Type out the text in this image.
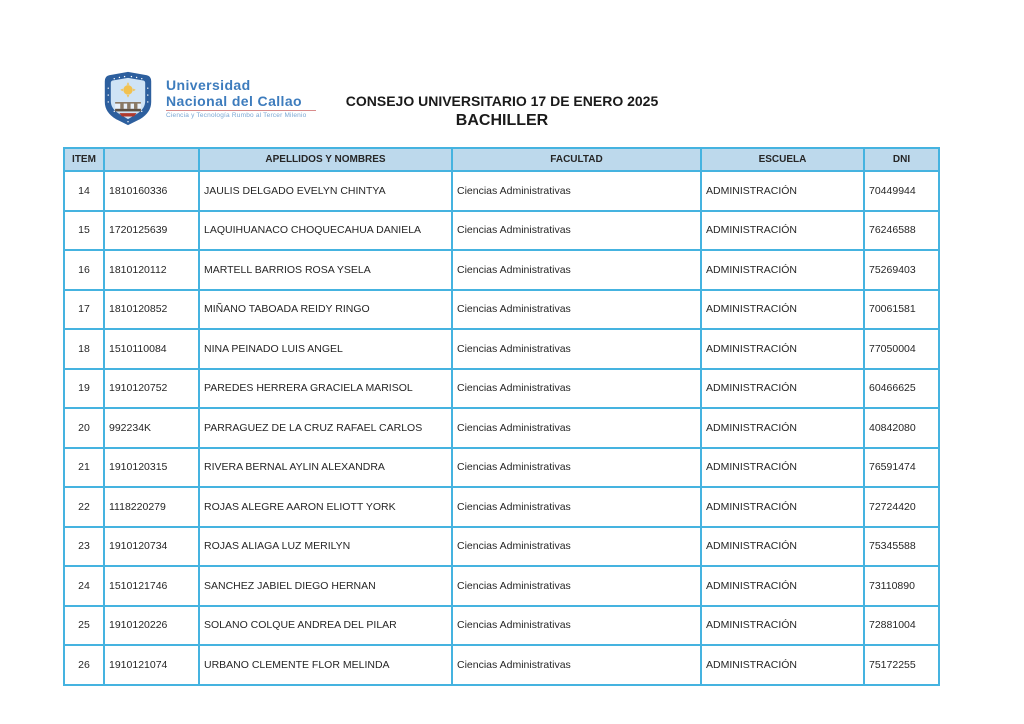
Universidad
Nacional del Callao
Ciencia y Tecnología Rumbo al Tercer Milenio
CONSEJO UNIVERSITARIO 17 DE ENERO 2025
BACHILLER
ITEM		APELLIDOS Y NOMBRES	FACULTAD	ESCUELA	DNI
14	1810160336	JAULIS DELGADO EVELYN CHINTYA	Ciencias Administrativas	ADMINISTRACIÓN	70449944
15	1720125639	LAQUIHUANACO CHOQUECAHUA DANIELA	Ciencias Administrativas	ADMINISTRACIÓN	76246588
16	1810120112	MARTELL BARRIOS ROSA YSELA	Ciencias Administrativas	ADMINISTRACIÓN	75269403
17	1810120852	MIÑANO TABOADA REIDY RINGO	Ciencias Administrativas	ADMINISTRACIÓN	70061581
18	1510110084	NINA PEINADO LUIS ANGEL	Ciencias Administrativas	ADMINISTRACIÓN	77050004
19	1910120752	PAREDES HERRERA GRACIELA MARISOL	Ciencias Administrativas	ADMINISTRACIÓN	60466625
20	992234K	PARRAGUEZ DE LA CRUZ RAFAEL CARLOS	Ciencias Administrativas	ADMINISTRACIÓN	40842080
21	1910120315	RIVERA BERNAL AYLIN ALEXANDRA	Ciencias Administrativas	ADMINISTRACIÓN	76591474
22	1118220279	ROJAS ALEGRE AARON ELIOTT YORK	Ciencias Administrativas	ADMINISTRACIÓN	72724420
23	1910120734	ROJAS ALIAGA LUZ MERILYN	Ciencias Administrativas	ADMINISTRACIÓN	75345588
24	1510121746	SANCHEZ JABIEL DIEGO HERNAN	Ciencias Administrativas	ADMINISTRACIÓN	73110890
25	1910120226	SOLANO COLQUE ANDREA DEL PILAR	Ciencias Administrativas	ADMINISTRACIÓN	72881004
26	1910121074	URBANO CLEMENTE FLOR MELINDA	Ciencias Administrativas	ADMINISTRACIÓN	75172255
